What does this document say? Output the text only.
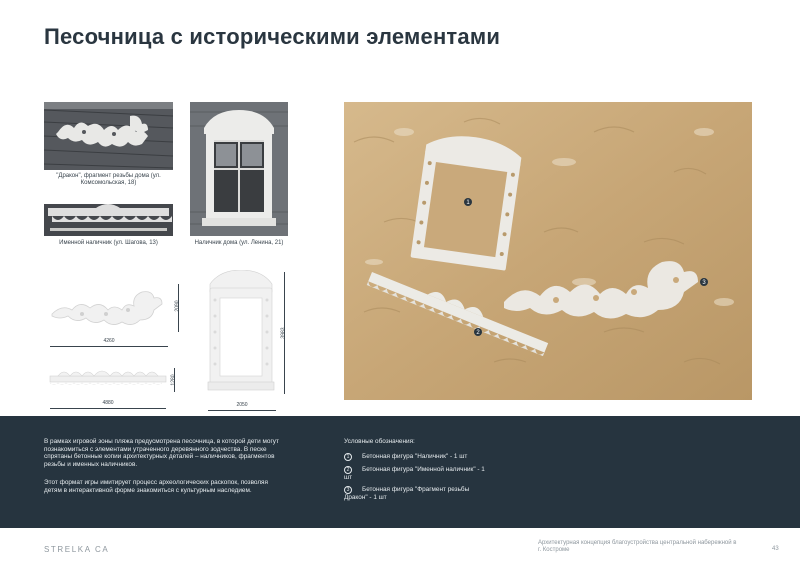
Песочница с историческими элементами
"Дракон", фрагмент резьбы дома (ул. Комсомольская, 18)
Наличник дома (ул. Ленина, 21)
Именной наличник (ул. Шагова, 13)
2090
4260
1280
4880
3983
2050
1
2
3
В рамках игровой зоны пляжа предусмотрена песочница, в которой дети могут познакомиться с элементами утраченного деревянного зодчества. В песке спрятаны бетонные копии архитектурных деталей – наличников, фрагментов резьбы и именных наличников.
Этот формат игры имитирует процесс археологических раскопок, позволяя детям в интерактивной форме знакомиться с культурным наследием.
Условные обозначения:
1 Бетонная фигура "Наличник" - 1 шт
2 Бетонная фигура "Именной наличник" - 1 шт
3 Бетонная фигура "Фрагмент резьбы Дракон" - 1 шт
STRELKA CA
Архитектурная концепция благоустройства центральной набережной в г. Костроме	43
